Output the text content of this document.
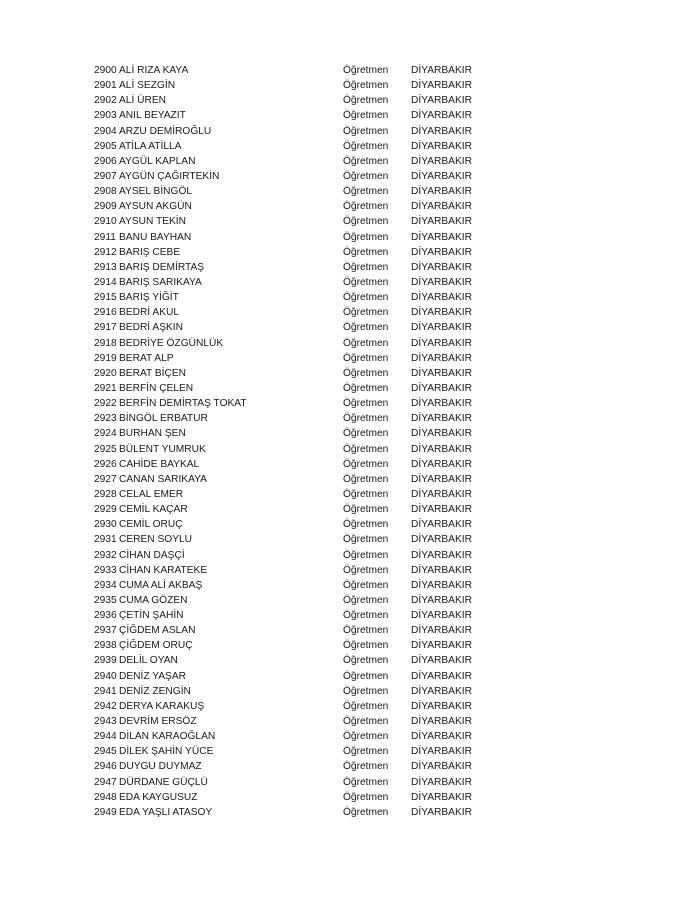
2900 ALİ RIZA KAYA	Öğretmen DİYARBAKIR
2901 ALİ SEZGİN	Öğretmen DİYARBAKIR
2902 ALİ ÜREN	Öğretmen DİYARBAKIR
2903 ANIL BEYAZIT	Öğretmen DİYARBAKIR
2904 ARZU DEMİROĞLU	Öğretmen DİYARBAKIR
2905 ATİLA ATİLLA	Öğretmen DİYARBAKIR
2906 AYGÜL KAPLAN	Öğretmen DİYARBAKIR
2907 AYGÜN ÇAĞIRTEKİN	Öğretmen DİYARBAKIR
2908 AYSEL BİNGÖL	Öğretmen DİYARBAKIR
2909 AYSUN AKGÜN	Öğretmen DİYARBAKIR
2910 AYSUN TEKİN	Öğretmen DİYARBAKIR
2911 BANU BAYHAN	Öğretmen DİYARBAKIR
2912 BARIŞ CEBE	Öğretmen DİYARBAKIR
2913 BARIŞ DEMİRTAŞ	Öğretmen DİYARBAKIR
2914 BARIŞ SARIKAYA	Öğretmen DİYARBAKIR
2915 BARIŞ YİĞİT	Öğretmen DİYARBAKIR
2916 BEDRİ AKUL	Öğretmen DİYARBAKIR
2917 BEDRİ AŞKIN	Öğretmen DİYARBAKIR
2918 BEDRİYE ÖZGÜNLÜK	Öğretmen DİYARBAKIR
2919 BERAT ALP	Öğretmen DİYARBAKIR
2920 BERAT BİÇEN	Öğretmen DİYARBAKIR
2921 BERFİN ÇELEN	Öğretmen DİYARBAKIR
2922 BERFİN DEMİRTAŞ TOKAT	Öğretmen DİYARBAKIR
2923 BİNGÖL ERBATUR	Öğretmen DİYARBAKIR
2924 BURHAN ŞEN	Öğretmen DİYARBAKIR
2925 BÜLENT YUMRUK	Öğretmen DİYARBAKIR
2926 CAHİDE BAYKAL	Öğretmen DİYARBAKIR
2927 CANAN SARIKAYA	Öğretmen DİYARBAKIR
2928 CELAL EMER	Öğretmen DİYARBAKIR
2929 CEMİL KAÇAR	Öğretmen DİYARBAKIR
2930 CEMİL ORUÇ	Öğretmen DİYARBAKIR
2931 CEREN SOYLU	Öğretmen DİYARBAKIR
2932 CİHAN DAŞÇİ	Öğretmen DİYARBAKIR
2933 CİHAN KARATEKE	Öğretmen DİYARBAKIR
2934 CUMA ALİ AKBAŞ	Öğretmen DİYARBAKIR
2935 CUMA GÖZEN	Öğretmen DİYARBAKIR
2936 ÇETİN ŞAHİN	Öğretmen DİYARBAKIR
2937 ÇİĞDEM ASLAN	Öğretmen DİYARBAKIR
2938 ÇİĞDEM ORUÇ	Öğretmen DİYARBAKIR
2939 DELİL OYAN	Öğretmen DİYARBAKIR
2940 DENİZ YAŞAR	Öğretmen DİYARBAKIR
2941 DENİZ ZENGİN	Öğretmen DİYARBAKIR
2942 DERYA KARAKUŞ	Öğretmen DİYARBAKIR
2943 DEVRİM ERSÖZ	Öğretmen DİYARBAKIR
2944 DİLAN KARAOĞLAN	Öğretmen DİYARBAKIR
2945 DİLEK ŞAHİN YÜCE	Öğretmen DİYARBAKIR
2946 DUYGU DUYMAZ	Öğretmen DİYARBAKIR
2947 DÜRDANE GÜÇLÜ	Öğretmen DİYARBAKIR
2948 EDA KAYGUSUZ	Öğretmen DİYARBAKIR
2949 EDA YAŞLI ATASOY	Öğretmen DİYARBAKIR
